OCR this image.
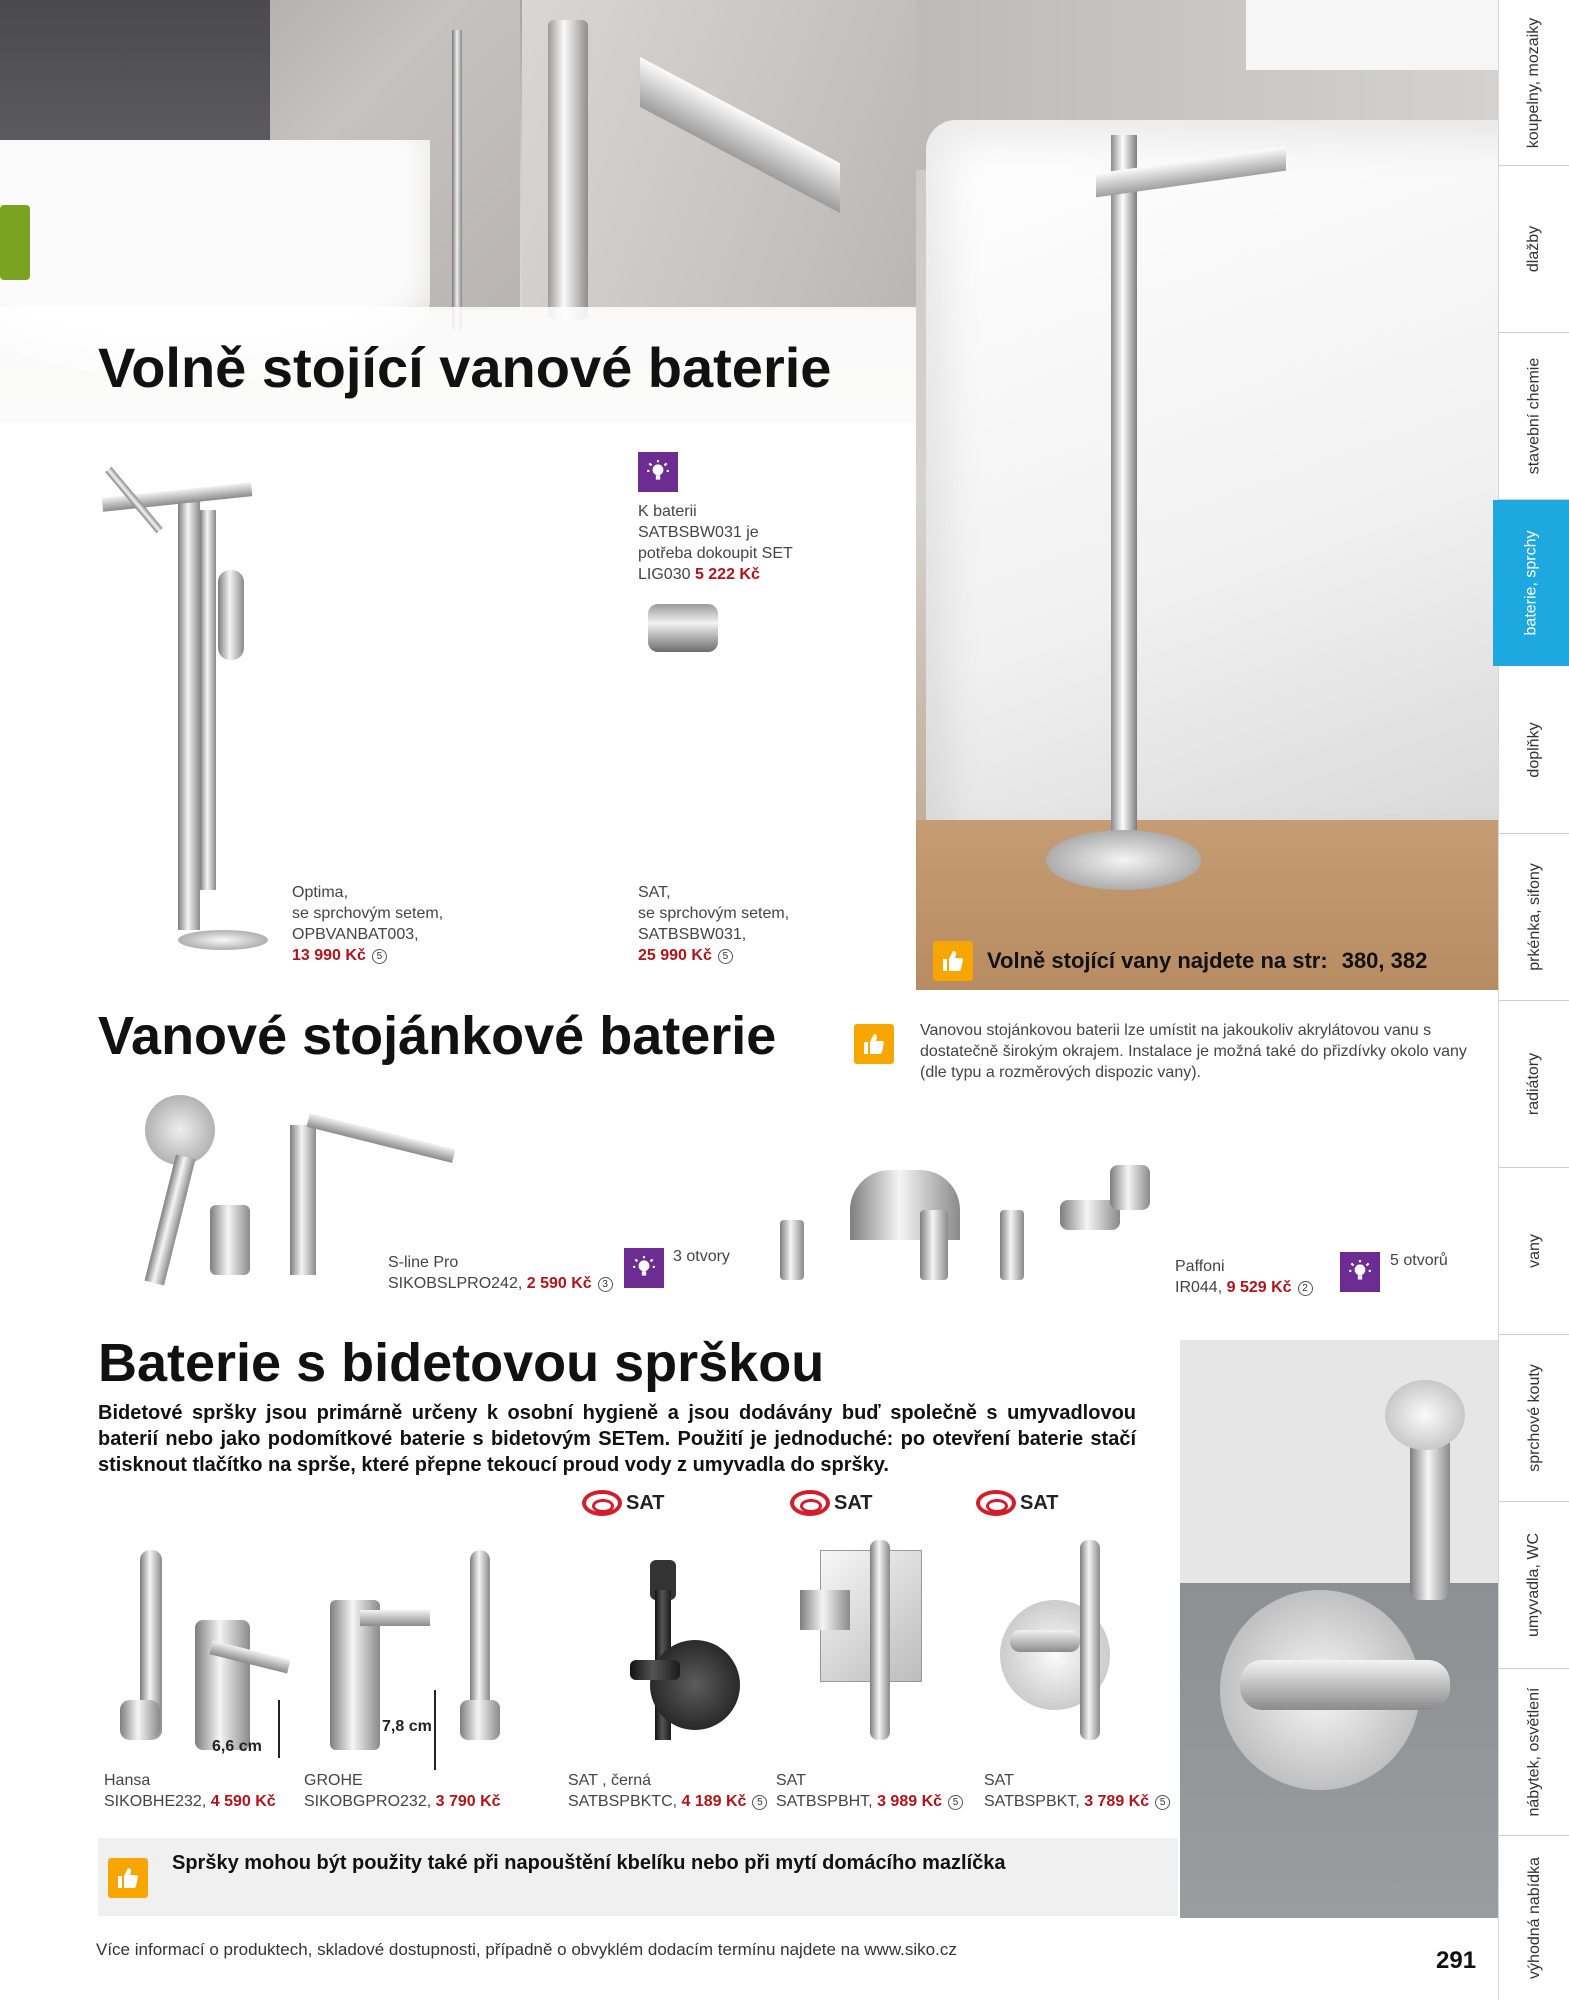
Volně stojící vanové baterie
Volně stojící vany najdete na str: 380, 382
Optima,
se sprchovým setem,
OPBVANBAT003,
13 990 Kč 5
K baterii
SATBSBW031 je
potřeba dokoupit SET
LIG030 5 222 Kč
SAT,
se sprchovým setem,
SATBSBW031,
25 990 Kč 5
Vanové stojánkové baterie	Vanovou stojánkovou baterii lze umístit na jakoukoliv akrylátovou vanu s dostatečně širokým okrajem. Instalace je možná také do přizdívky okolo vany (dle typu a rozměrových dispozic vany).
S-line Pro
SIKOBSLPRO242, 2 590 Kč 3
3 otvory
Paffoni
IR044, 9 529 Kč 2
5 otvorů
Baterie s bidetovou sprškou
Bidetové spršky jsou primárně určeny k osobní hygieně a jsou dodávány buď společně s umyvadlovou baterií nebo jako podomítkové baterie s bidetovým SETem. Použití je jednoduché: po otevření baterie stačí stisknout tlačítko na sprše, které přepne tekoucí proud vody z umyvadla do spršky.
6,6 cm
7,8 cm
SAT	SAT	SAT
Hansa
SIKOBHE232, 4 590 Kč
GROHE
SIKOBGPRO232, 3 790 Kč
SAT , černá
SATBSPBKTC, 4 189 Kč 5
SAT
SATBSPBHT, 3 989 Kč 5
SAT
SATBSPBKT, 3 789 Kč 5
Spršky mohou být použity také při napouštění kbelíku nebo při mytí domácího mazlíčka
Více informací o produktech, skladové dostupnosti, případně o obvyklém dodacím termínu najdete na www.siko.cz	291
koupelny, mozaiky
dlažby
stavební chemie
baterie, sprchy
doplňky
prkénka, sifony
radiátory
vany
sprchové kouty
umyvadla, WC
nábytek, osvětlení
výhodná nabídka
